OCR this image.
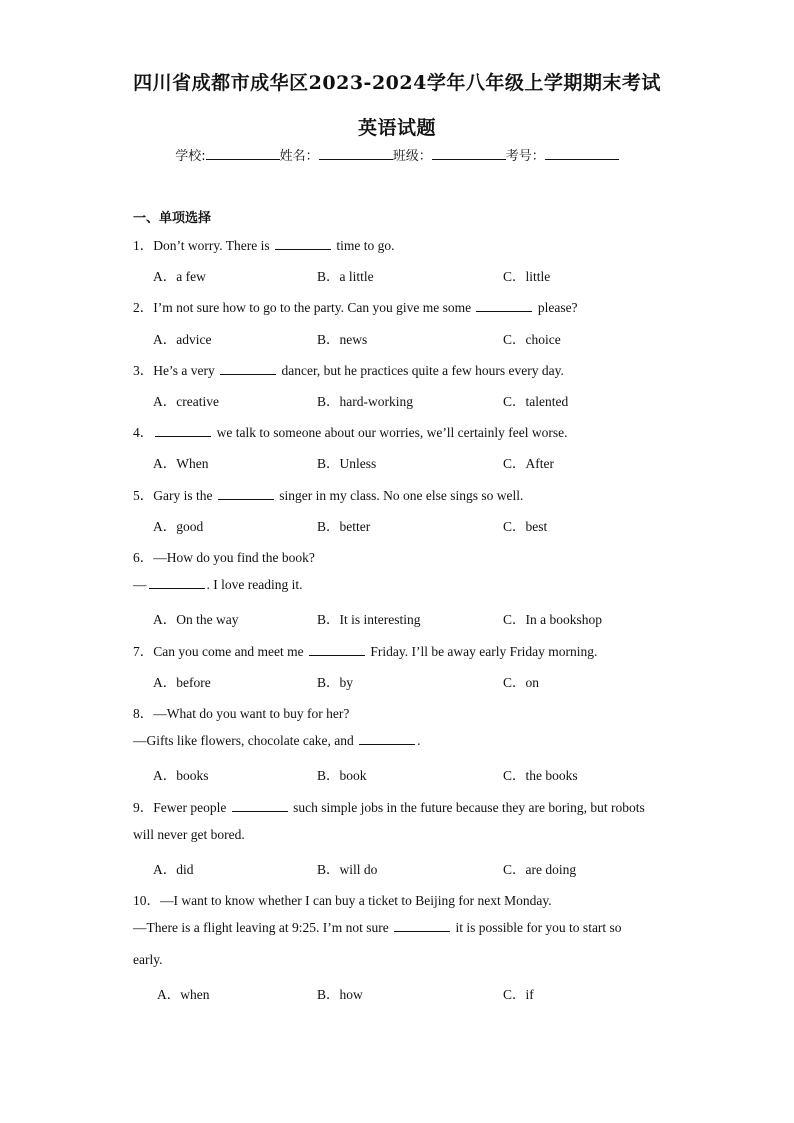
四川省成都市成华区2023-2024学年八年级上学期期末考试
英语试题
学校:	姓名：	班级：	考号：
一、单项选择
1．Don’t worry. There is	time to go.
A．a few	B．a little	C．little
2．I’m not sure how to go to the party. Can you give me some	please?
A．advice	B．news	C．choice
3．He’s a very	dancer, but he practices quite a few hours every day.
A．creative	B．hard-working	C．talented
4．	we talk to someone about our worries, we’ll certainly feel worse.
A．When	B．Unless	C．After
5．Gary is the	singer in my class. No one else sings so well.
A．good	B．better	C．best
6．—How do you find the book?
—	. I love reading it.
A．On the way	B．It is interesting	C．In a bookshop
7．Can you come and meet me	Friday. I’ll be away early Friday morning.
A．before	B．by	C．on
8．—What do you want to buy for her?
—Gifts like flowers, chocolate cake, and	.
A．books	B．book	C．the books
9．Fewer people	such simple jobs in the future because they are boring, but robots
will never get bored.
A．did	B．will do	C．are doing
10．—I want to know whether I can buy a ticket to Beijing for next Monday.
—There is a flight leaving at 9:25. I’m not sure	it is possible for you to start so
early.
A．when	B．how	C．if
